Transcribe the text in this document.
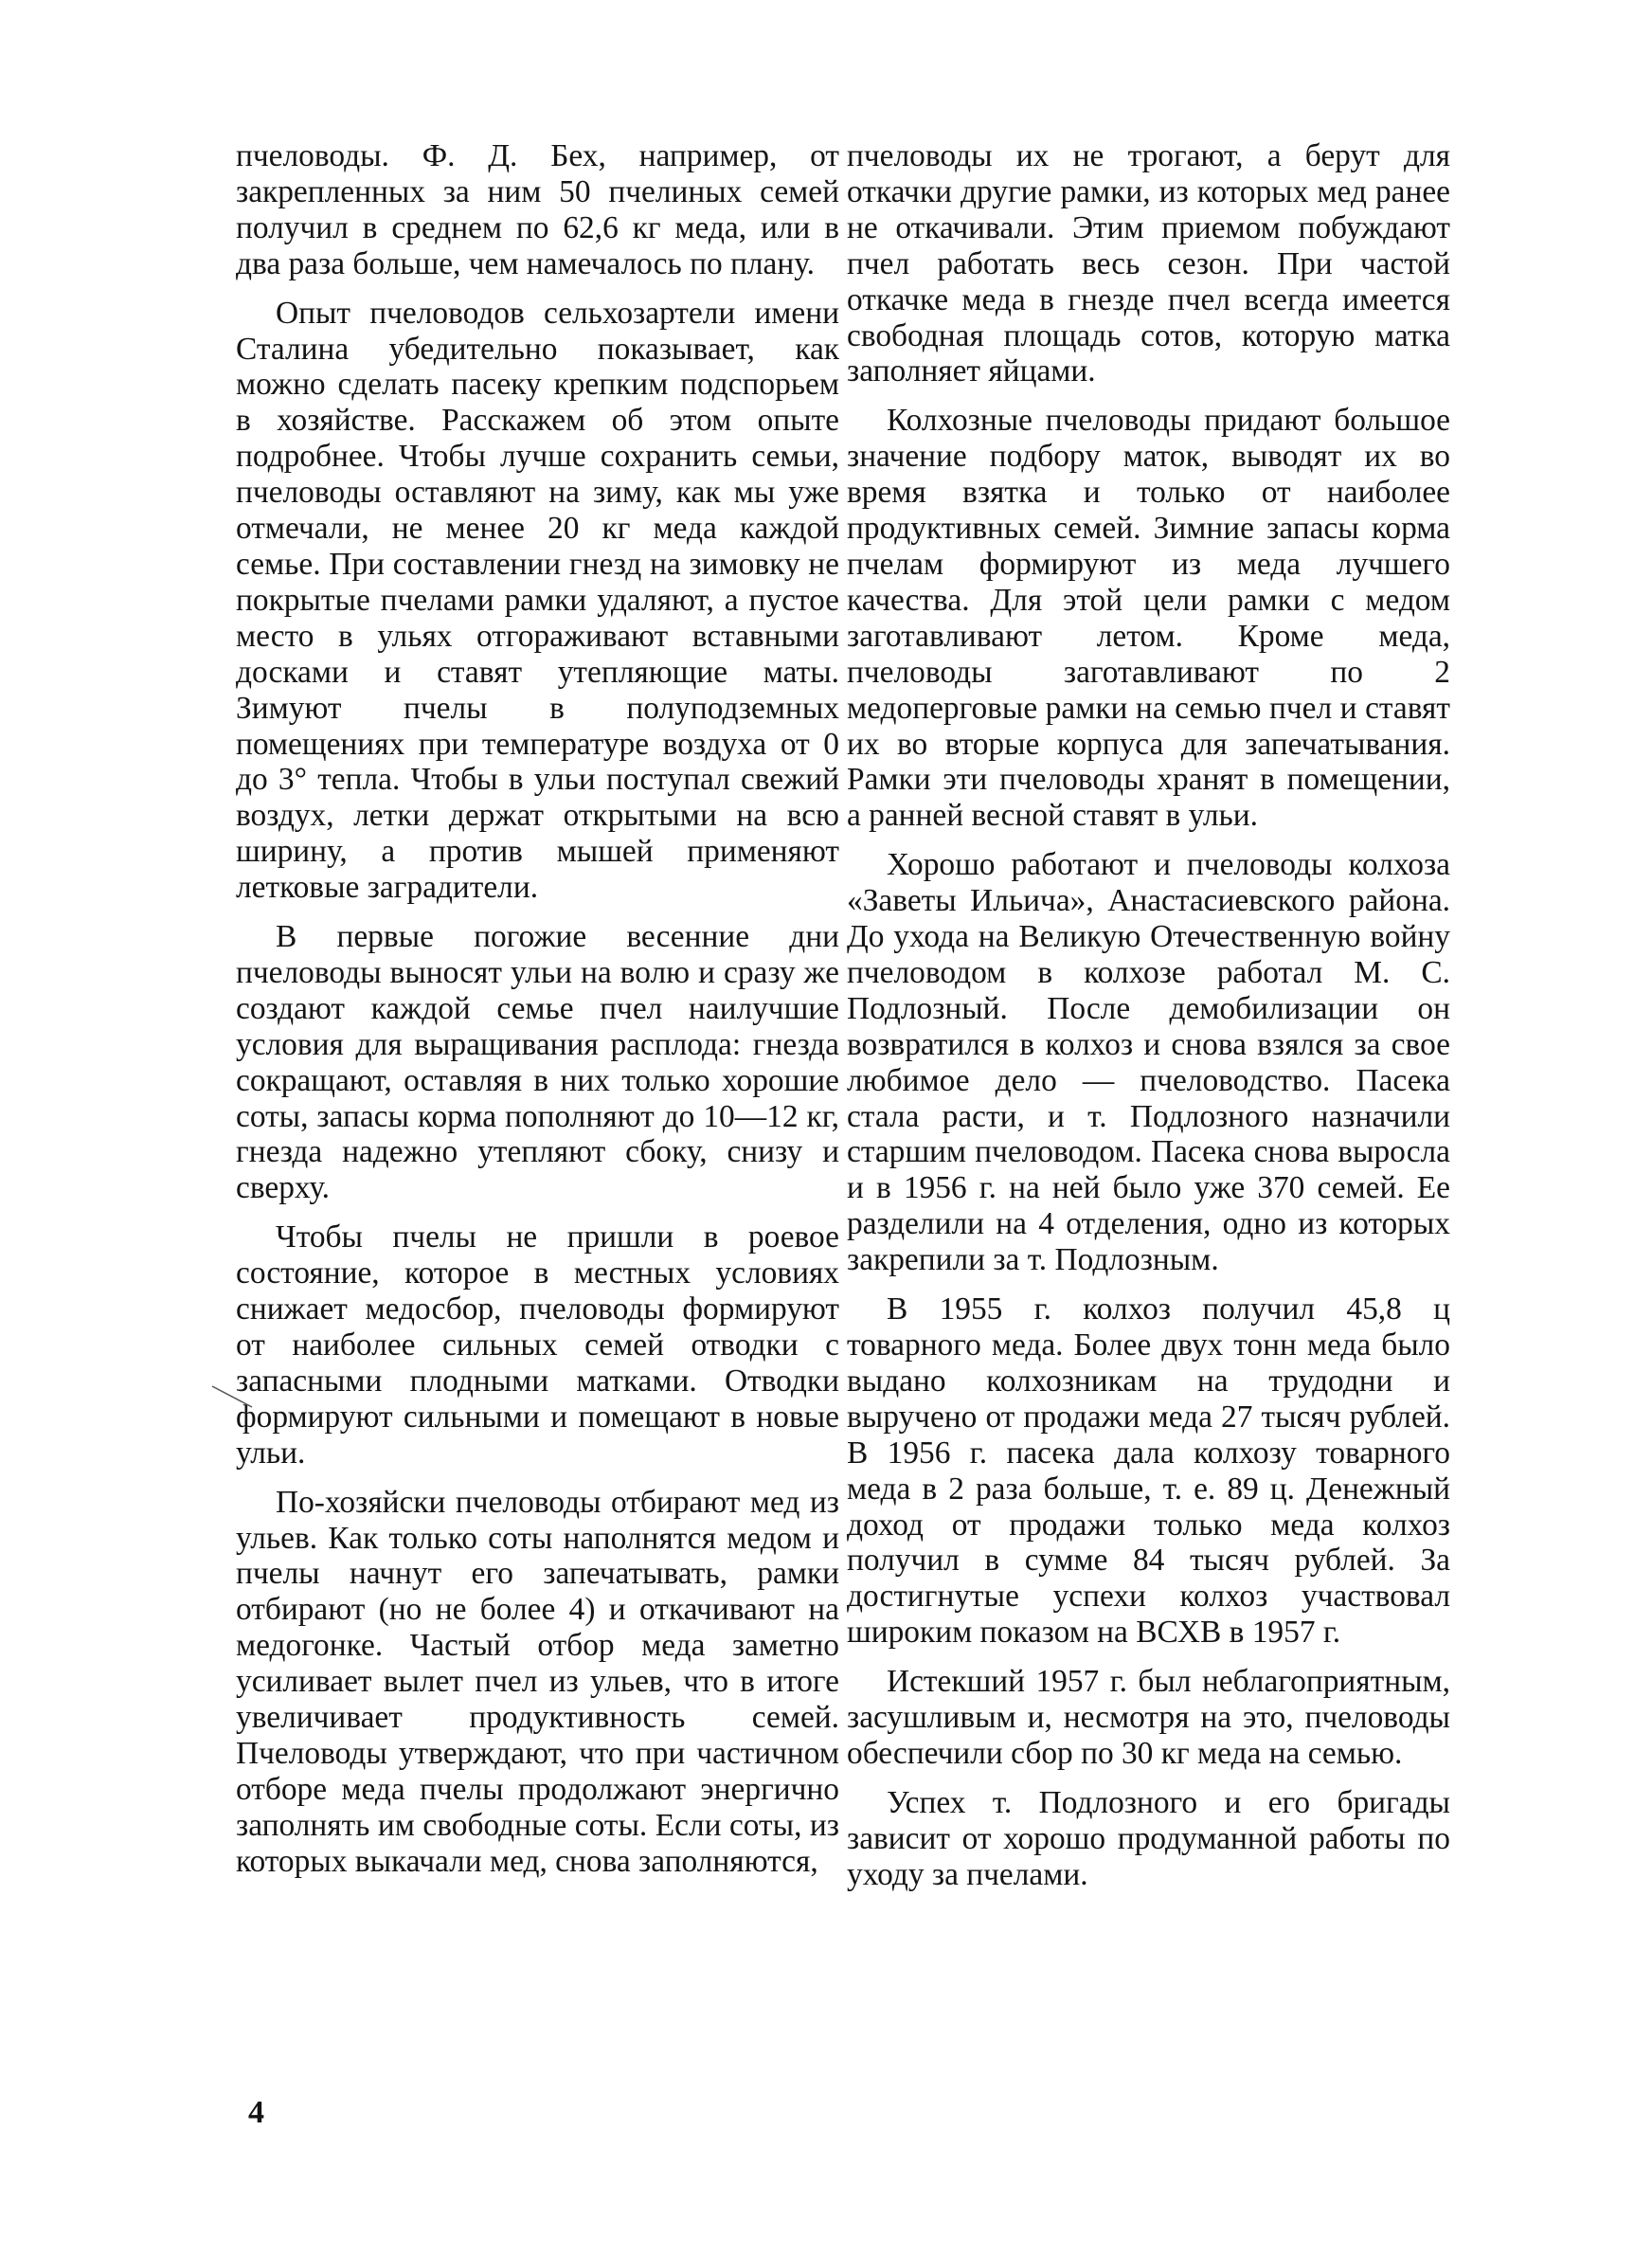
пчеловоды. Ф. Д. Бех, например, от закрепленных за ним 50 пчелиных семей получил в среднем по 62,6 кг меда, или в два раза больше, чем намечалось по плану.

Опыт пчеловодов сельхозартели имени Сталина убедительно показывает, как можно сделать пасеку крепким подспорьем в хозяйстве. Расскажем об этом опыте подробнее. Чтобы лучше сохранить семьи, пчеловоды оставляют на зиму, как мы уже отмечали, не менее 20 кг меда каждой семье. При составлении гнезд на зимовку не покрытые пчелами рамки удаляют, а пустое место в ульях отгораживают вставными досками и ставят утепляющие маты. Зимуют пчелы в полуподземных помещениях при температуре воздуха от 0 до 3° тепла. Чтобы в ульи поступал свежий воздух, летки держат открытыми на всю ширину, а против мышей применяют летковые заградители.

В первые погожие весенние дни пчеловоды выносят ульи на волю и сразу же создают каждой семье пчел наилучшие условия для выращивания расплода: гнезда сокращают, оставляя в них только хорошие соты, запасы корма пополняют до 10—12 кг, гнезда надежно утепляют сбоку, снизу и сверху.

Чтобы пчелы не пришли в роевое состояние, которое в местных условиях снижает медосбор, пчеловоды формируют от наиболее сильных семей отводки с запасными плодными матками. Отводки формируют сильными и помещают в новые ульи.

По-хозяйски пчеловоды отбирают мед из ульев. Как только соты наполнятся медом и пчелы начнут его запечатывать, рамки отбирают (но не более 4) и откачивают на медогонке. Частый отбор меда заметно усиливает вылет пчел из ульев, что в итоге увеличивает продуктивность семей. Пчеловоды утверждают, что при частичном отборе меда пчелы продолжают энергично заполнять им свободные соты. Если соты, из которых выкачали мед, снова заполняются,

пчеловоды их не трогают, а берут для откачки другие рамки, из которых мед ранее не откачивали. Этим приемом побуждают пчел работать весь сезон. При частой откачке меда в гнезде пчел всегда имеется свободная площадь сотов, которую матка заполняет яйцами.

Колхозные пчеловоды придают большое значение подбору маток, выводят их во время взятка и только от наиболее продуктивных семей. Зимние запасы корма пчелам формируют из меда лучшего качества. Для этой цели рамки с медом заготавливают летом. Кроме меда, пчеловоды заготавливают по 2 медоперговые рамки на семью пчел и ставят их во вторые корпуса для запечатывания. Рамки эти пчеловоды хранят в помещении, а ранней весной ставят в ульи.

Хорошо работают и пчеловоды колхоза «Заветы Ильича», Анастасиевского района. До ухода на Великую Отечественную войну пчеловодом в колхозе работал М. С. Подлозный. После демобилизации он возвратился в колхоз и снова взялся за свое любимое дело — пчеловодство. Пасека стала расти, и т. Подлозного назначили старшим пчеловодом. Пасека снова выросла и в 1956 г. на ней было уже 370 семей. Ее разделили на 4 отделения, одно из которых закрепили за т. Подлозным.

В 1955 г. колхоз получил 45,8 ц товарного меда. Более двух тонн меда было выдано колхозникам на трудодни и выручено от продажи меда 27 тысяч рублей. В 1956 г. пасека дала колхозу товарного меда в 2 раза больше, т. е. 89 ц. Денежный доход от продажи только меда колхоз получил в сумме 84 тысяч рублей. За достигнутые успехи колхоз участвовал широким показом на ВСХВ в 1957 г.

Истекший 1957 г. был неблагоприятным, засушливым и, несмотря на это, пчеловоды обеспечили сбор по 30 кг меда на семью.

Успех т. Подлозного и его бригады зависит от хорошо продуманной работы по уходу за пчелами.

4
